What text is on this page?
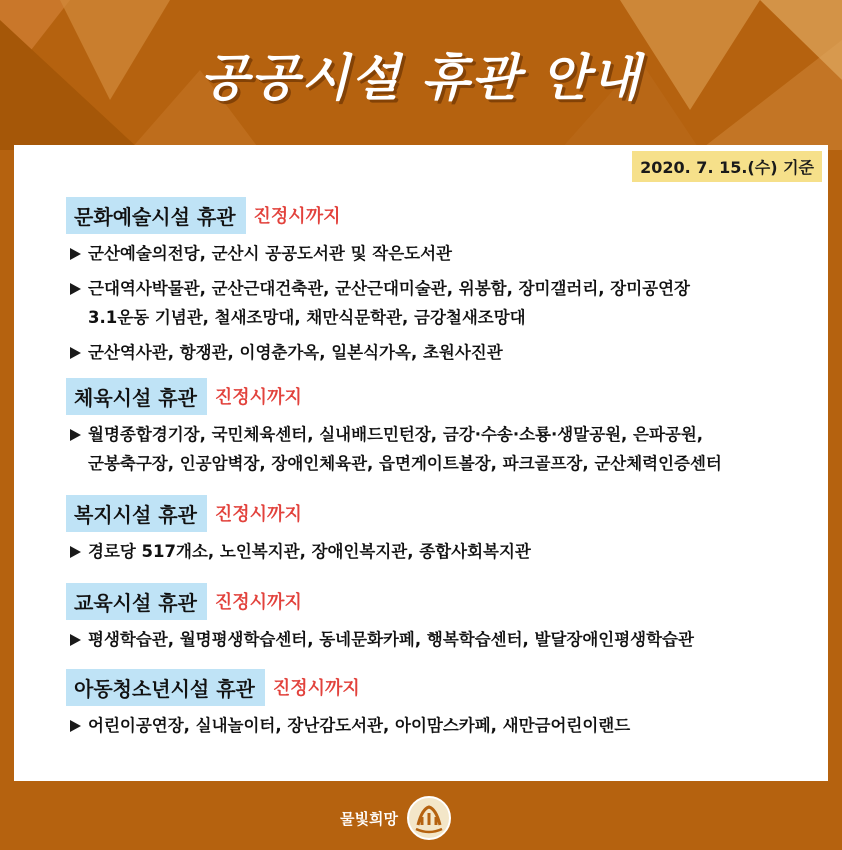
공공시설 휴관 안내
2020. 7. 15.(수) 기준
문화예술시설 휴관	진정시까지
군산예술의전당, 군산시 공공도서관 및 작은도서관
근대역사박물관, 군산근대건축관, 군산근대미술관, 위봉함, 장미갤러리, 장미공연장
3.1운동 기념관, 철새조망대, 채만식문학관, 금강철새조망대
군산역사관, 항쟁관, 이영춘가옥, 일본식가옥, 초원사진관
체육시설 휴관	진정시까지
월명종합경기장, 국민체육센터, 실내배드민턴장, 금강·수송·소룡·생말공원, 은파공원,
군봉축구장, 인공암벽장, 장애인체육관, 읍면게이트볼장, 파크골프장, 군산체력인증센터
복지시설 휴관	진정시까지
경로당 517개소, 노인복지관, 장애인복지관, 종합사회복지관
교육시설 휴관	진정시까지
평생학습관, 월명평생학습센터, 동네문화카페, 행복학습센터, 발달장애인평생학습관
아동청소년시설 휴관	진정시까지
어린이공연장, 실내놀이터, 장난감도서관, 아이맘스카페, 새만금어린이랜드
물빛희망
